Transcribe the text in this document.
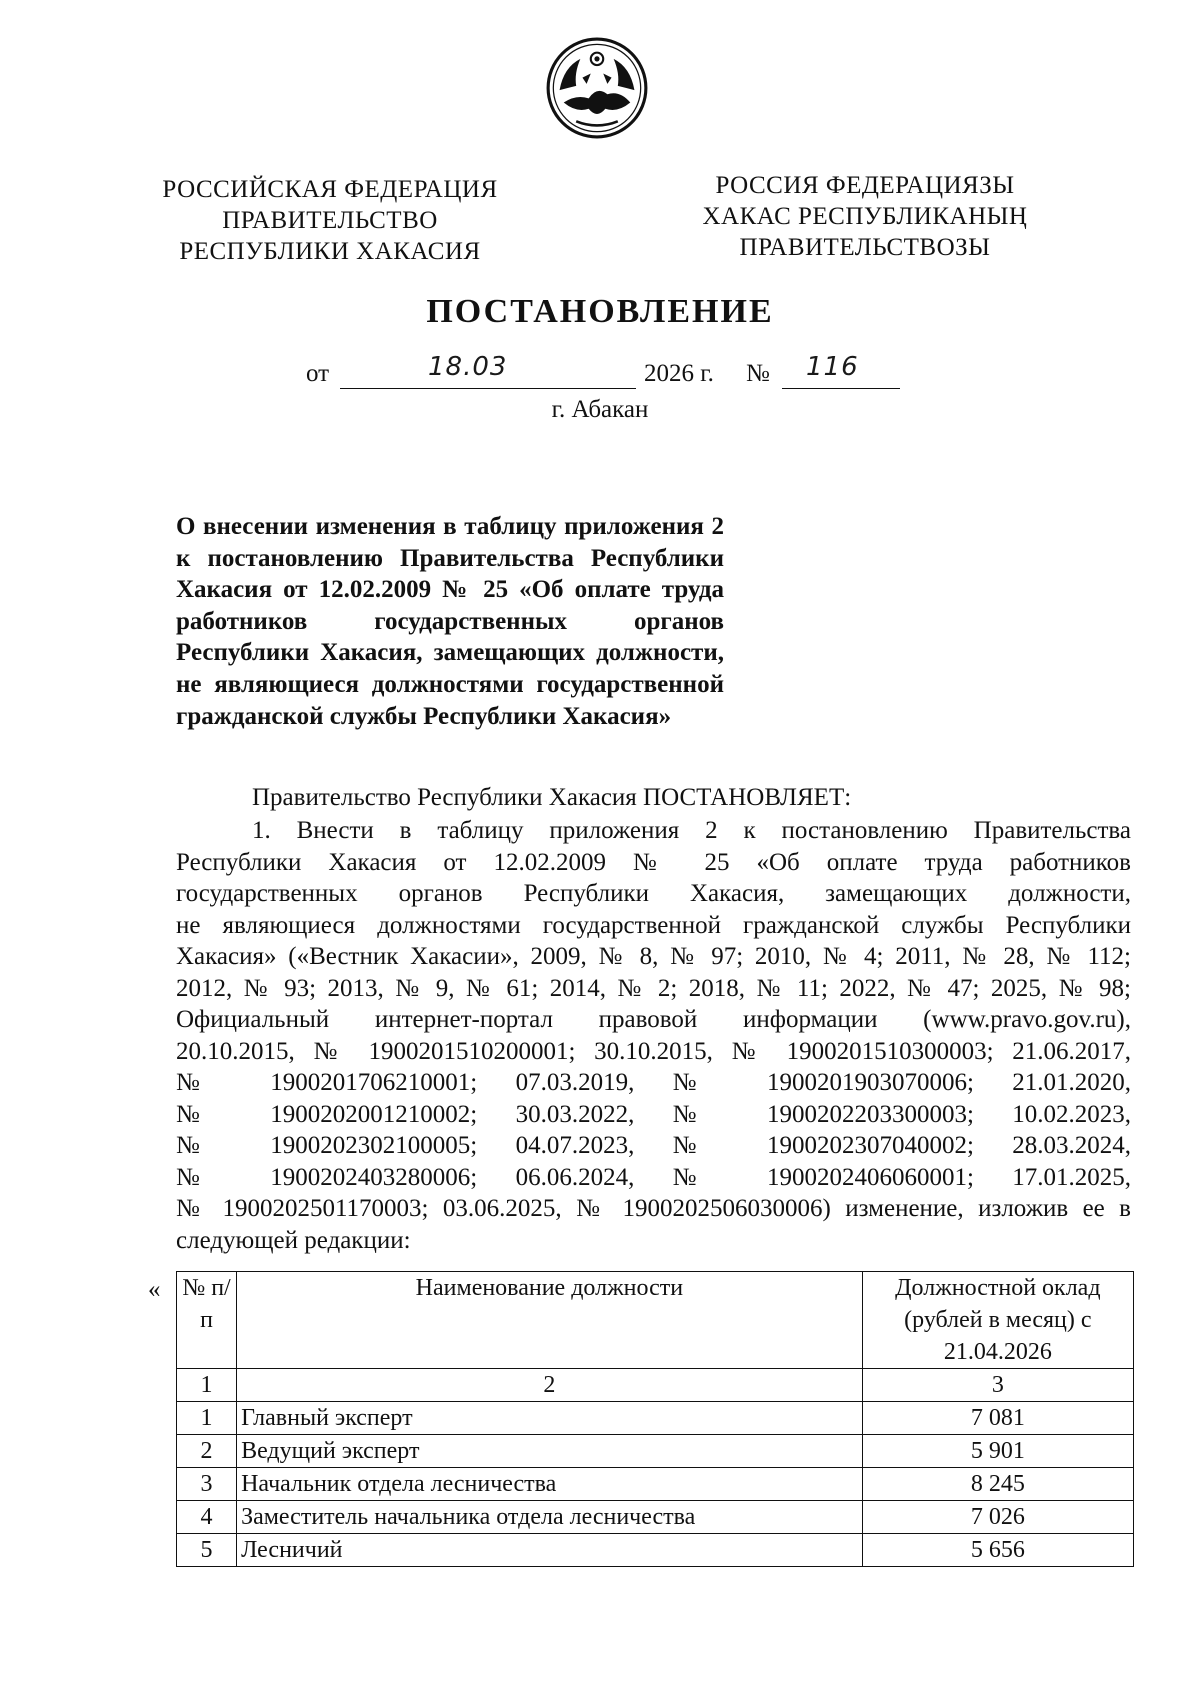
РОССИЙСКАЯ ФЕДЕРАЦИЯ
ПРАВИТЕЛЬСТВО
РЕСПУБЛИКИ ХАКАСИЯ
РОССИЯ ФЕДЕРАЦИЯЗЫ
ХАКАС РЕСПУБЛИКАНЫҢ
ПРАВИТЕЛЬСТВОЗЫ
ПОСТАНОВЛЕНИЕ
от	18.03	2026 г. № 116
г. Абакан
О внесении изменения в таблицу приложения 2
к постановлению Правительства Республики
Хакасия от 12.02.2009 № 25 «Об оплате труда
работников государственных органов
Республики Хакасия, замещающих должности,
не являющиеся должностями государственной
гражданской службы Республики Хакасия»
Правительство Республики Хакасия ПОСТАНОВЛЯЕТ:
1. Внести в таблицу приложения 2 к постановлению Правительства
Республики Хакасия от 12.02.2009 № 25 «Об оплате труда работников
государственных органов Республики Хакасия, замещающих должности,
не являющиеся должностями государственной гражданской службы Республики
Хакасия» («Вестник Хакасии», 2009, № 8, № 97; 2010, № 4; 2011, № 28, № 112;
2012, № 93; 2013, № 9, № 61; 2014, № 2; 2018, № 11; 2022, № 47; 2025, № 98;
Официальный интернет-портал правовой информации (www.pravo.gov.ru),
20.10.2015, № 1900201510200001; 30.10.2015, № 1900201510300003; 21.06.2017,
№ 1900201706210001; 07.03.2019, № 1900201903070006; 21.01.2020,
№ 1900202001210002; 30.03.2022, № 1900202203300003; 10.02.2023,
№ 1900202302100005; 04.07.2023, № 1900202307040002; 28.03.2024,
№ 1900202403280006; 06.06.2024, № 1900202406060001; 17.01.2025,
№ 1900202501170003; 03.06.2025, № 1900202506030006) изменение, изложив ее в
следующей редакции:
« № п/п	Наименование должности	Должностной оклад (рублей в месяц) с 21.04.2026
1	2	3
1	Главный эксперт	7 081
2	Ведущий эксперт	5 901
3	Начальник отдела лесничества	8 245
4	Заместитель начальника отдела лесничества	7 026
5	Лесничий	5 656
